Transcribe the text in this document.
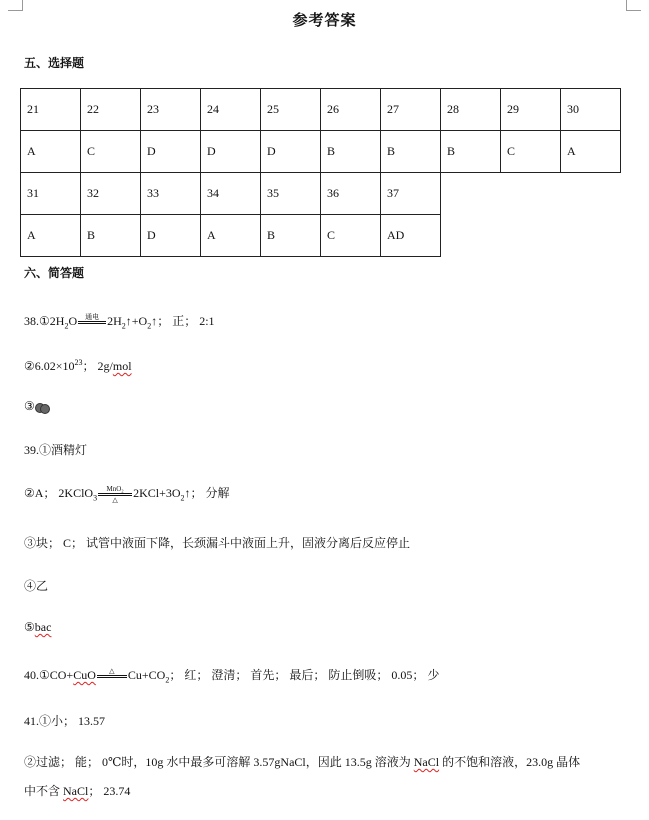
参考答案
五、选择题
21	22	23	24	25	26	27	28	29	30
A	C	D	D	D	B	B	B	C	A
31	32	33	34	35	36	37			
A	B	D	A	B	C	AD			
六、简答题
$38.①2H_2O$	通电
$2H_2↑+O_2↑$； 正； 2:1
$②6.02\times 10^{23}$； 2g/mol
③
39.①酒精灯
②A； 2KClO$_3$ $\frac{\text{MnO₂}}{\triangle}$ $2KCl+3O_2↑$； 分解
③块； C； 试管中液面下降，长颈漏斗中液面上升，固液分离后反应停止
④乙
⑤bac
40.①CO+CuO	△
	$Cu+CO_2$； 红； 澄清； 首先； 最后； 防止倒吸； 0.05； 少
41.①小； 13.57
②过滤； 能； 0℃时，10g 水中最多可溶解 3.57gNaCl，因此 13.5g 溶液为 NaCl 的不饱和溶液，23.0g 晶体
中不含 NaCl； 23.74
